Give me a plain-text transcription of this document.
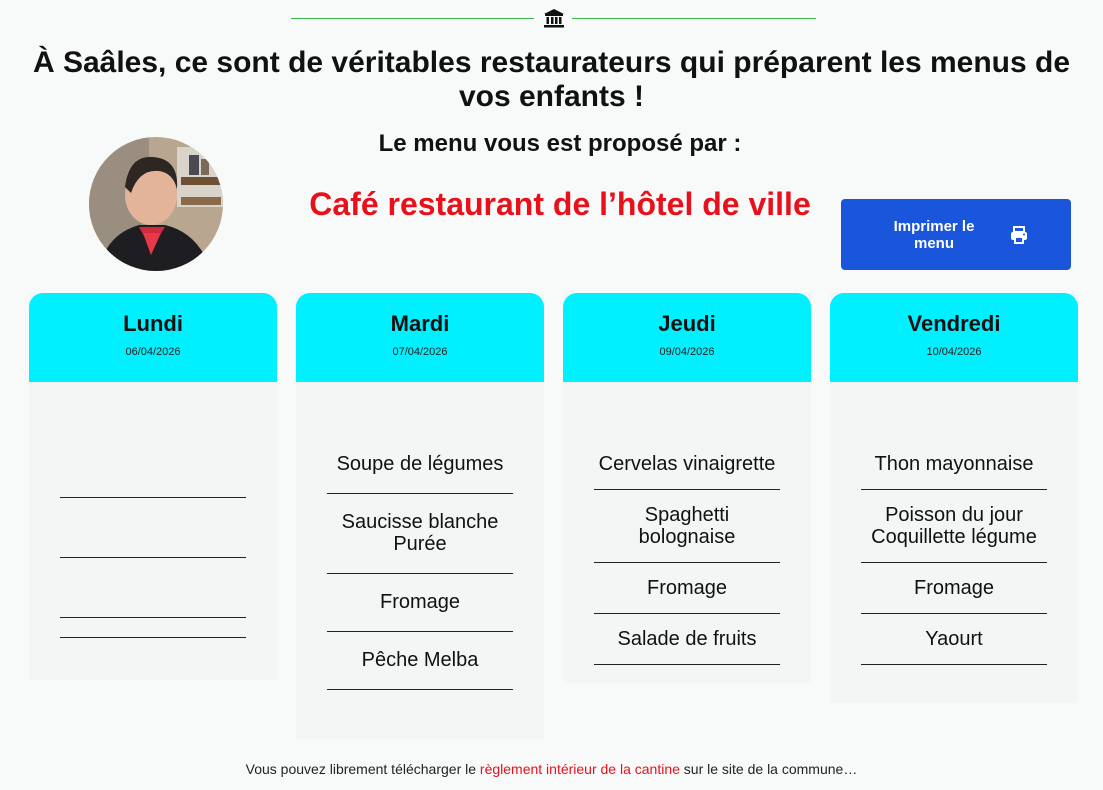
À Saâles, ce sont de véritables restaurateurs qui préparent les menus de vos enfants !
Le menu vous est proposé par :
Café restaurant de l’hôtel de ville
Imprimer le menu
Lundi
06/04/2026
Mardi
07/04/2026
Soupe de légumes
Saucisse blanche
Purée
Fromage
Pêche Melba
Jeudi
09/04/2026
Cervelas vinaigrette
Spaghetti bolognaise
Fromage
Salade de fruits
Vendredi
10/04/2026
Thon mayonnaise
Poisson du jour
Coquillette légume
Fromage
Yaourt

Vous pouvez librement télécharger le règlement intérieur de la cantine sur le site de la commune…
